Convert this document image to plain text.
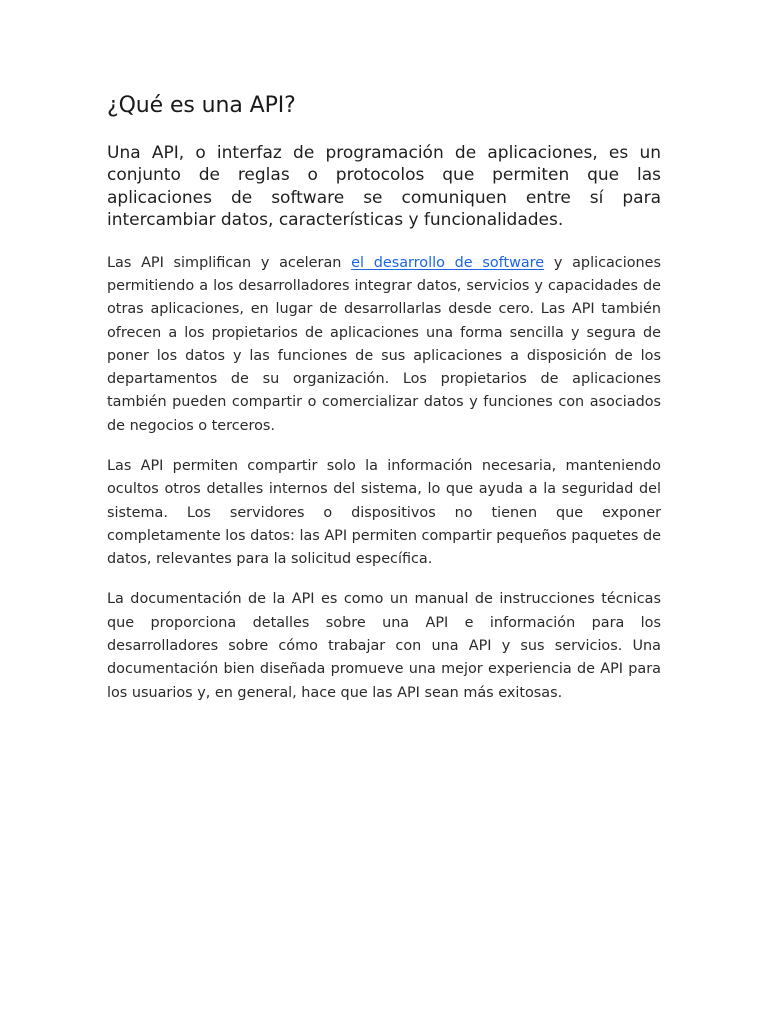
¿Qué es una API?

Una API, o interfaz de programación de aplicaciones, es un conjunto de reglas o protocolos que permiten que las aplicaciones de software se comuniquen entre sí para intercambiar datos, características y funcionalidades.

Las API simplifican y aceleran el desarrollo de software y aplicaciones permitiendo a los desarrolladores integrar datos, servicios y capacidades de otras aplicaciones, en lugar de desarrollarlas desde cero. Las API también ofrecen a los propietarios de aplicaciones una forma sencilla y segura de poner los datos y las funciones de sus aplicaciones a disposición de los departamentos de su organización. Los propietarios de aplicaciones también pueden compartir o comercializar datos y funciones con asociados de negocios o terceros.

Las API permiten compartir solo la información necesaria, manteniendo ocultos otros detalles internos del sistema, lo que ayuda a la seguridad del sistema. Los servidores o dispositivos no tienen que exponer completamente los datos: las API permiten compartir pequeños paquetes de datos, relevantes para la solicitud específica.

La documentación de la API es como un manual de instrucciones técnicas que proporciona detalles sobre una API e información para los desarrolladores sobre cómo trabajar con una API y sus servicios. Una documentación bien diseñada promueve una mejor experiencia de API para los usuarios y, en general, hace que las API sean más exitosas.
